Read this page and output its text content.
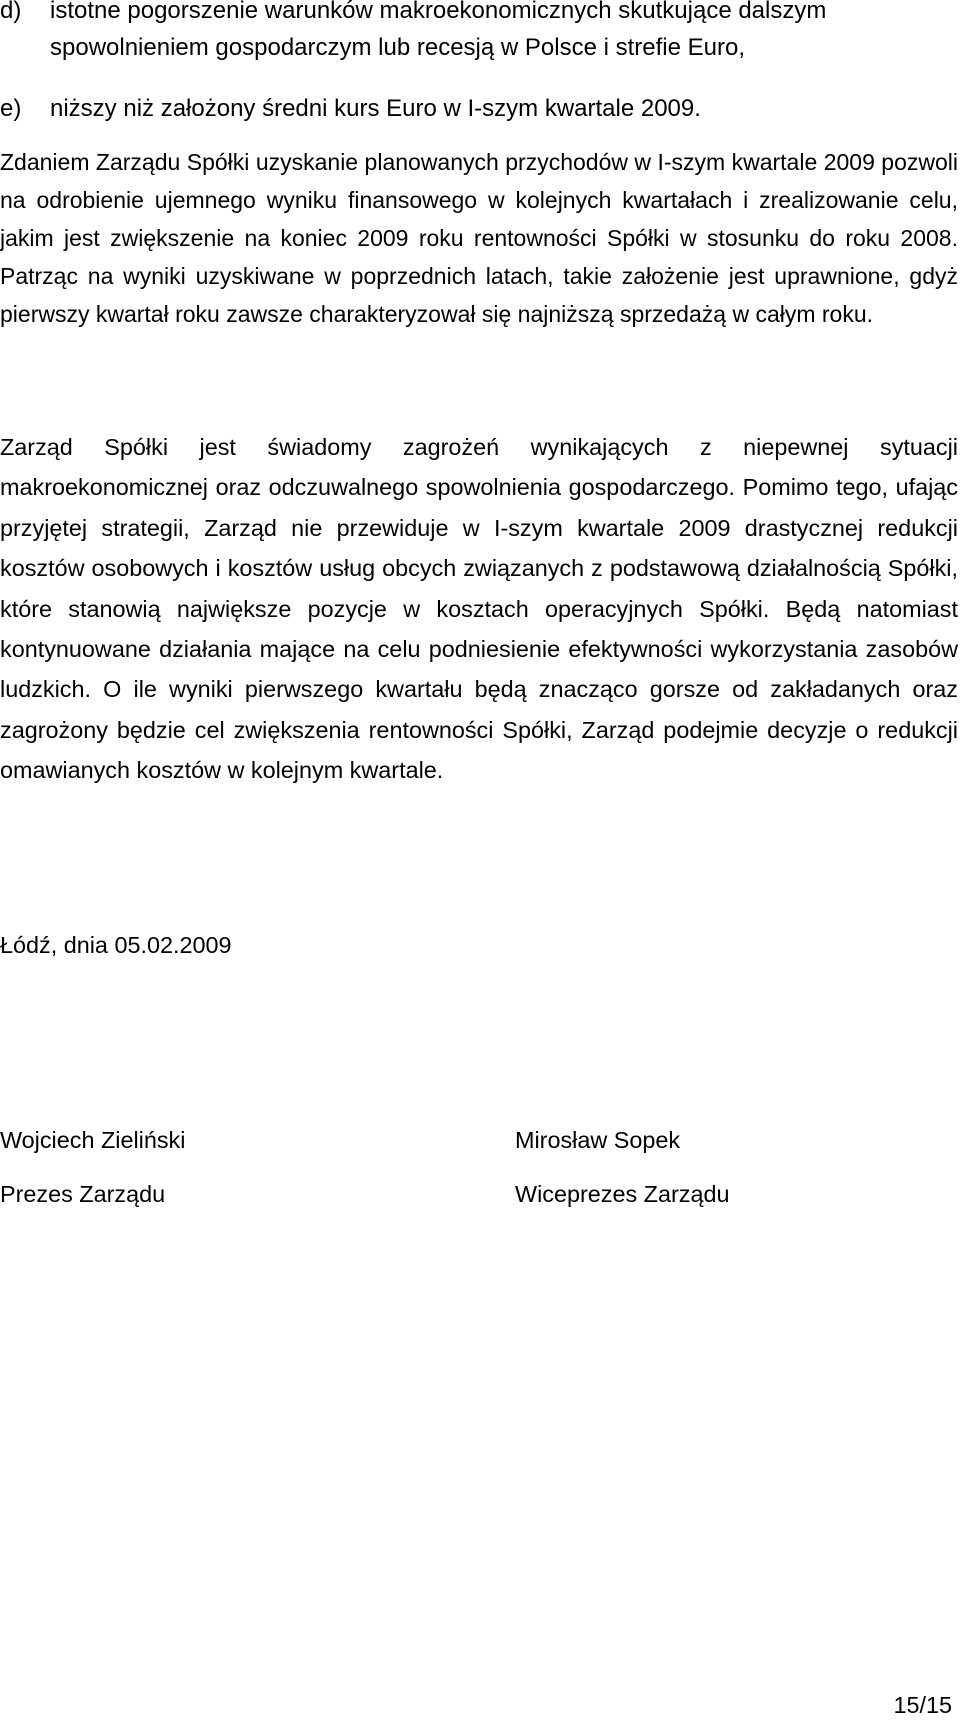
d) istotne pogorszenie warunków makroekonomicznych skutkujące dalszym spowolnieniem gospodarczym lub recesją w Polsce i strefie Euro,
e) niższy niż założony średni kurs Euro w I-szym kwartale 2009.

Zdaniem Zarządu Spółki uzyskanie planowanych przychodów w I-szym kwartale 2009 pozwoli na odrobienie ujemnego wyniku finansowego w kolejnych kwartałach i zrealizowanie celu, jakim jest zwiększenie na koniec 2009 roku rentowności Spółki w stosunku do roku 2008. Patrząc na wyniki uzyskiwane w poprzednich latach, takie założenie jest uprawnione, gdyż pierwszy kwartał roku zawsze charakteryzował się najniższą sprzedażą w całym roku.

Zarząd Spółki jest świadomy zagrożeń wynikających z niepewnej sytuacji makroekonomicznej oraz odczuwalnego spowolnienia gospodarczego. Pomimo tego, ufając przyjętej strategii, Zarząd nie przewiduje w I-szym kwartale 2009 drastycznej redukcji kosztów osobowych i kosztów usług obcych związanych z podstawową działalnością Spółki, które stanowią największe pozycje w kosztach operacyjnych Spółki. Będą natomiast kontynuowane działania mające na celu podniesienie efektywności wykorzystania zasobów ludzkich. O ile wyniki pierwszego kwartału będą znacząco gorsze od zakładanych oraz zagrożony będzie cel zwiększenia rentowności Spółki, Zarząd podejmie decyzje o redukcji omawianych kosztów w kolejnym kwartale.

Łódź, dnia 05.02.2009
Wojciech Zieliński
Prezes Zarządu
Mirosław Sopek
Wiceprezes Zarządu
15/15
